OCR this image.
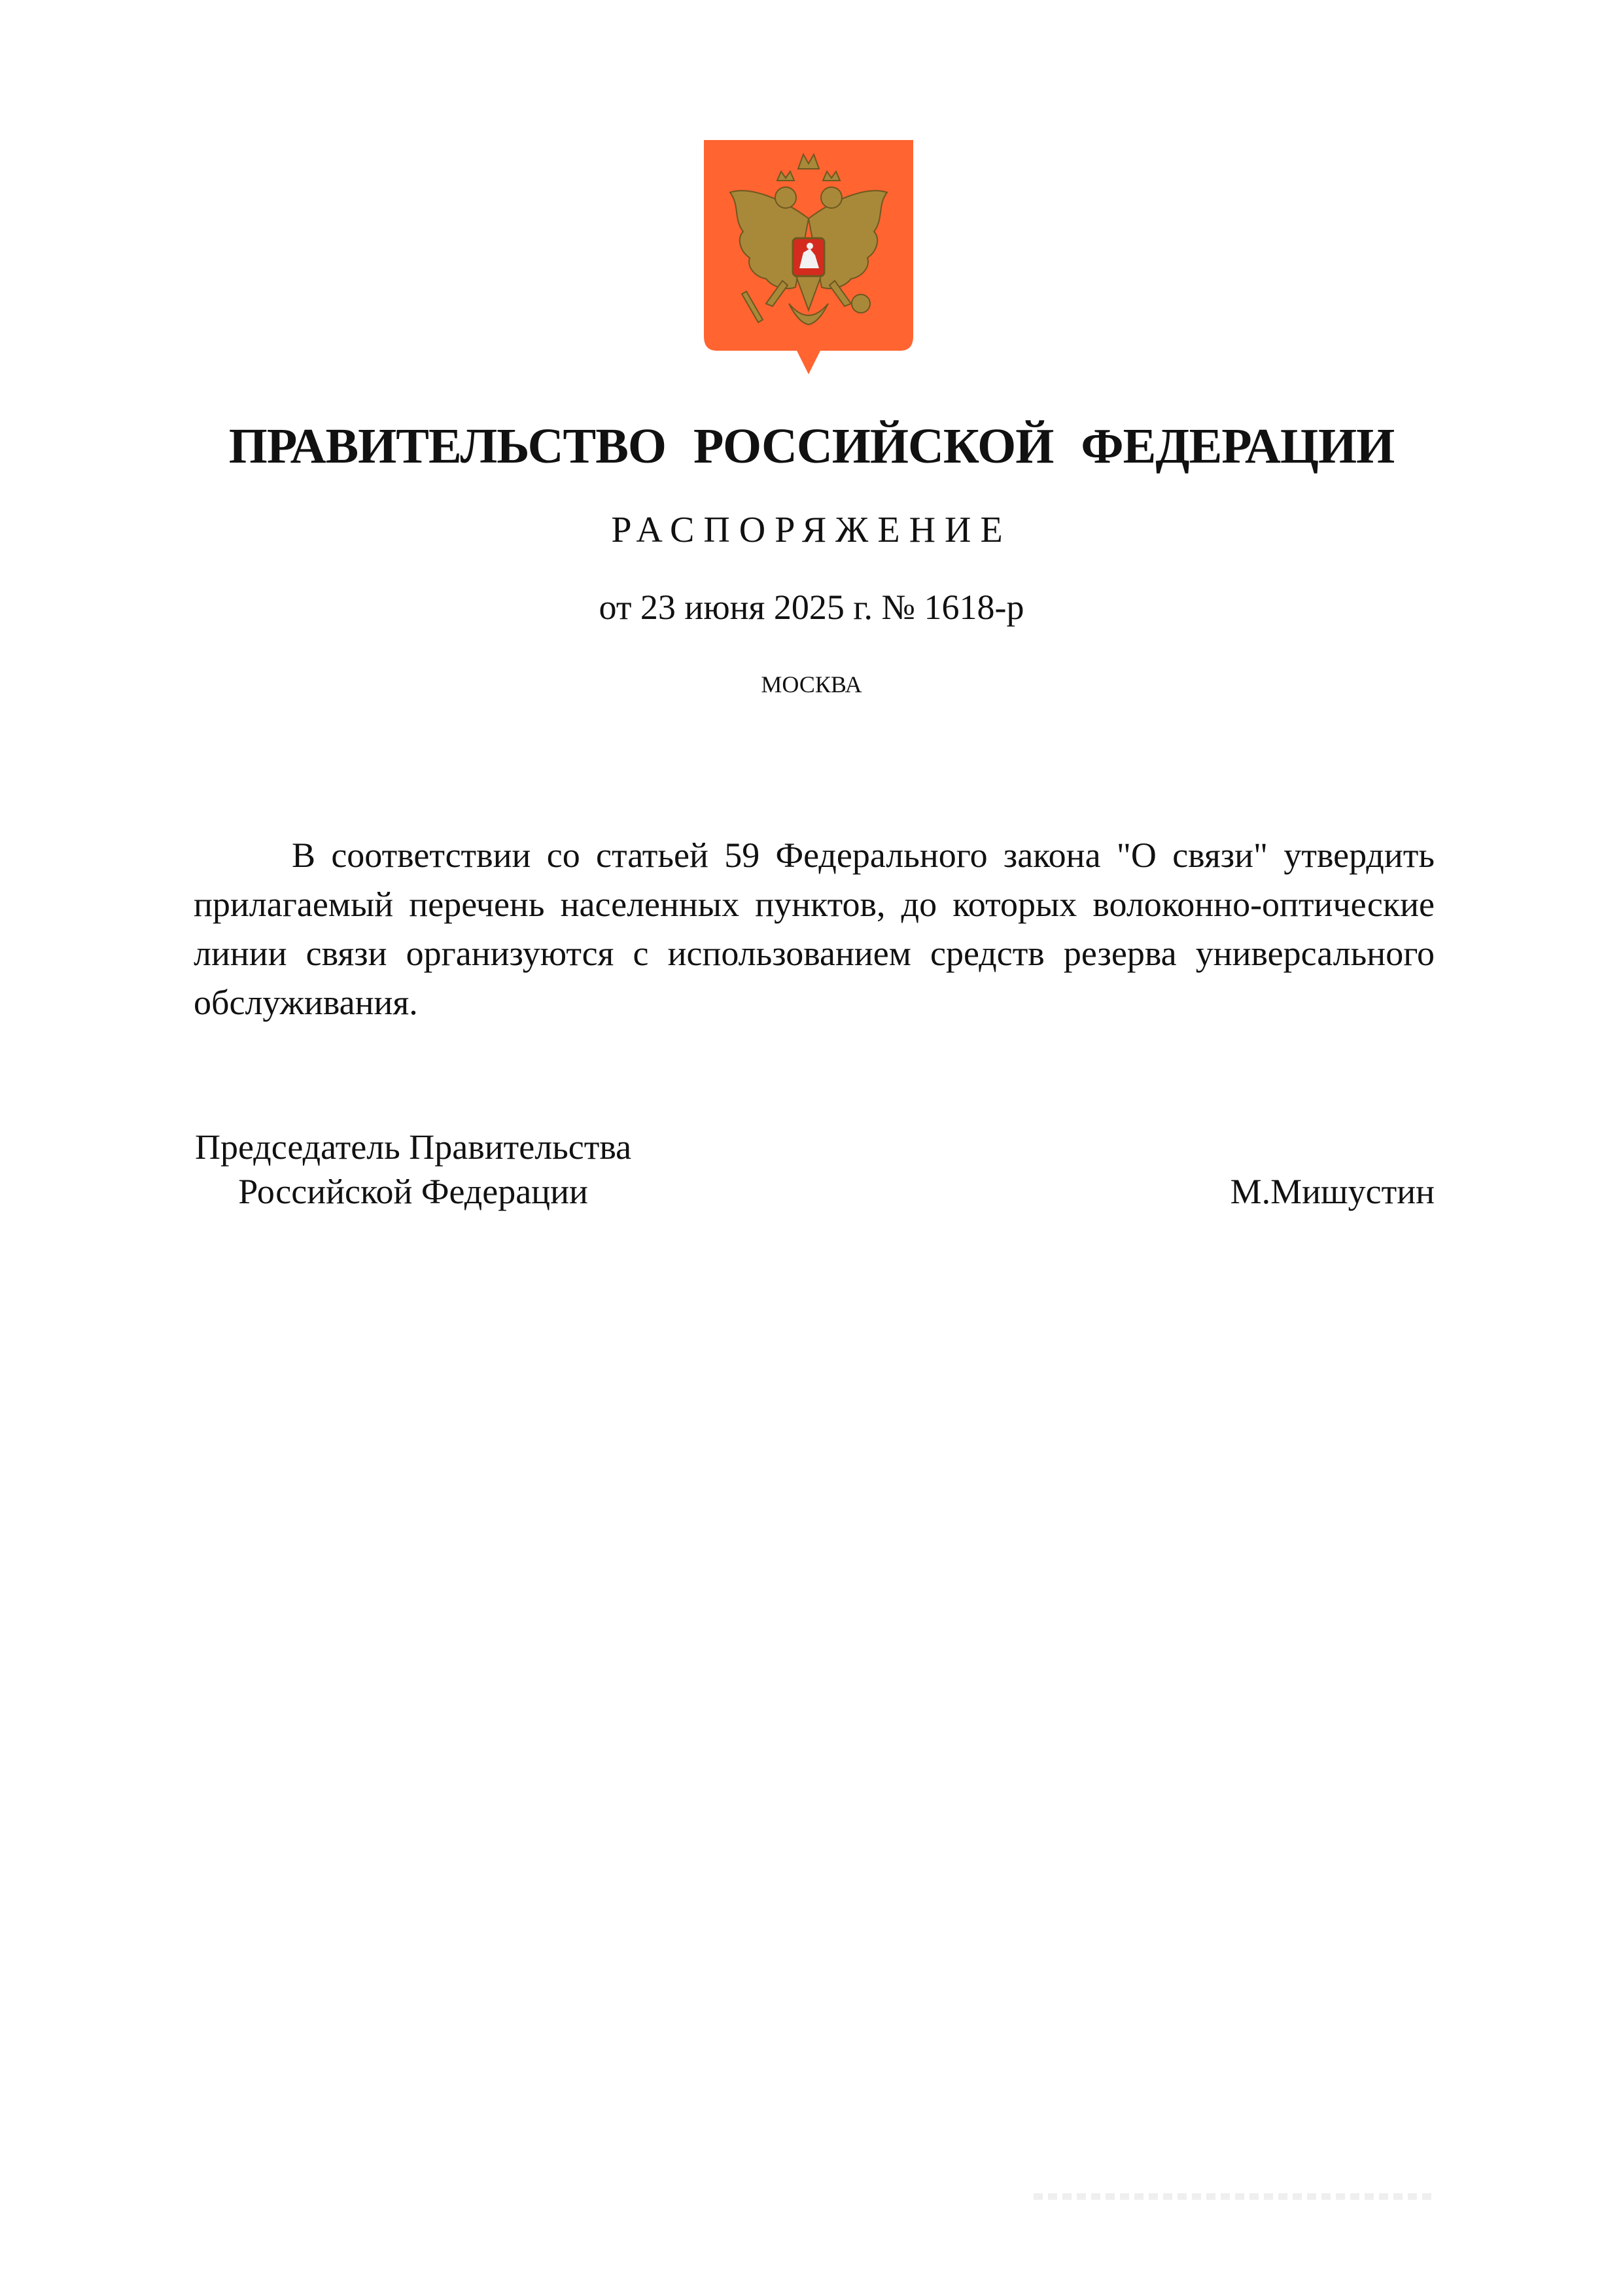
ПРАВИТЕЛЬСТВО РОССИЙСКОЙ ФЕДЕРАЦИИ
РАСПОРЯЖЕНИЕ
от 23 июня 2025 г. № 1618-р
МОСКВА

В соответствии со статьей 59 Федерального закона "О связи" утвердить прилагаемый перечень населенных пунктов, до которых волоконно-оптические линии связи организуются с использованием средств резерва универсального обслуживания.

Председатель Правительства
Российской Федерации	М.Мишустин
